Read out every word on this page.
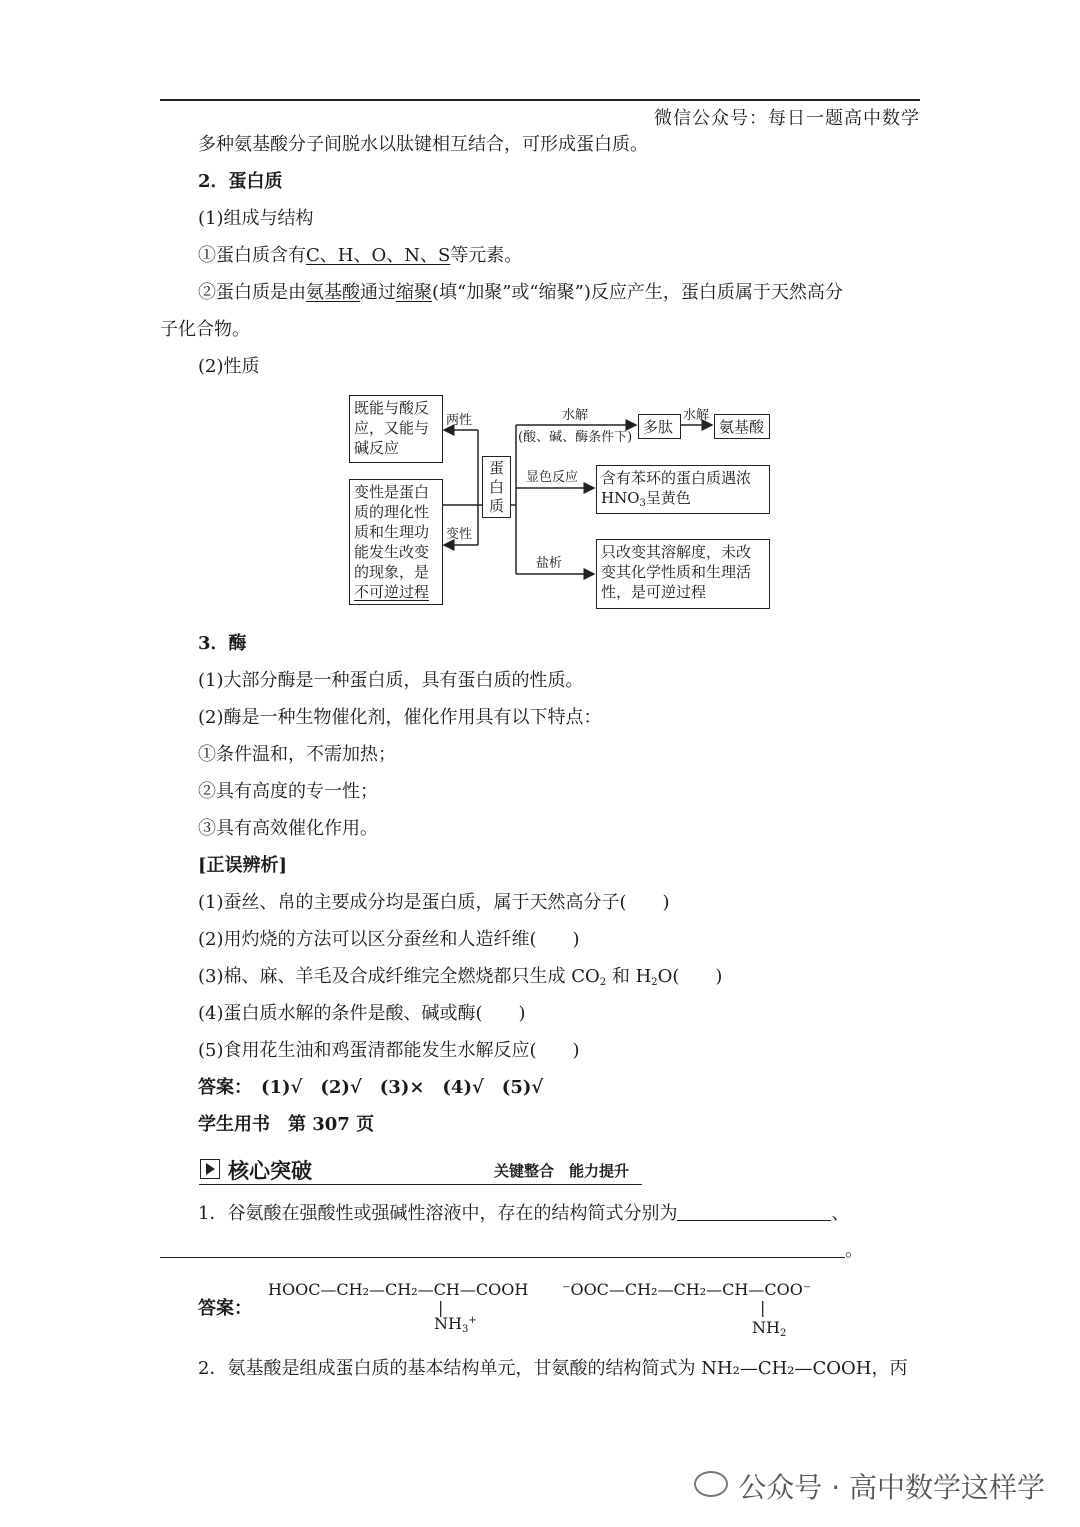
微信公众号：每日一题高中数学
多种氨基酸分子间脱水以肽键相互结合，可形成蛋白质。
2．蛋白质
(1)组成与结构
①蛋白质含有C、H、O、N、S等元素。
②蛋白质是由氨基酸通过缩聚(填“加聚”或“缩聚”)反应产生，蛋白质属于天然高分
子化合物。
(2)性质
既能与酸反应，又能与碱反应
两性
变性是蛋白质的理化性质和生理功能发生改变的现象，是不可逆过程
变性
蛋白质
水解
(酸、碱、酶条件下)
多肽
水解
氨基酸
显色反应	含有苯环的蛋白质遇浓
$HNO_3$呈黄色
盐析
只改变其溶解度，未改变其化学性质和生理活性，是可逆过程
3．酶
(1)大部分酶是一种蛋白质，具有蛋白质的性质。
(2)酶是一种生物催化剂，催化作用具有以下特点：
①条件温和，不需加热；
②具有高度的专一性；
③具有高效催化作用。
[正误辨析]
(1)蚕丝、帛的主要成分均是蛋白质，属于天然高分子(　　)
(2)用灼烧的方法可以区分蚕丝和人造纤维(　　)
(3)棉、麻、羊毛及合成纤维完全燃烧都只生成 $CO_2$ 和 $H_2O$(　　)
(4)蛋白质水解的条件是酸、碱或酶(　　)
(5)食用花生油和鸡蛋清都能发生水解反应(　　)
答案：　(1)√　(2)√　(3)×　(4)√　(5)√
学生用书　第 307 页
核心突破	关键整合　能力提升
1．谷氨酸在强酸性或强碱性溶液中，存在的结构简式分别为	、
。
答案：
HOOC—CH₂—CH₂—CH—COOH
|
$NH_3^+$
⁻OOC—CH₂—CH₂—CH—COO⁻
|
$NH_2$
2．氨基酸是组成蛋白质的基本结构单元，甘氨酸的结构简式为 NH₂—CH₂—COOH，丙
公众号 · 高中数学这样学
